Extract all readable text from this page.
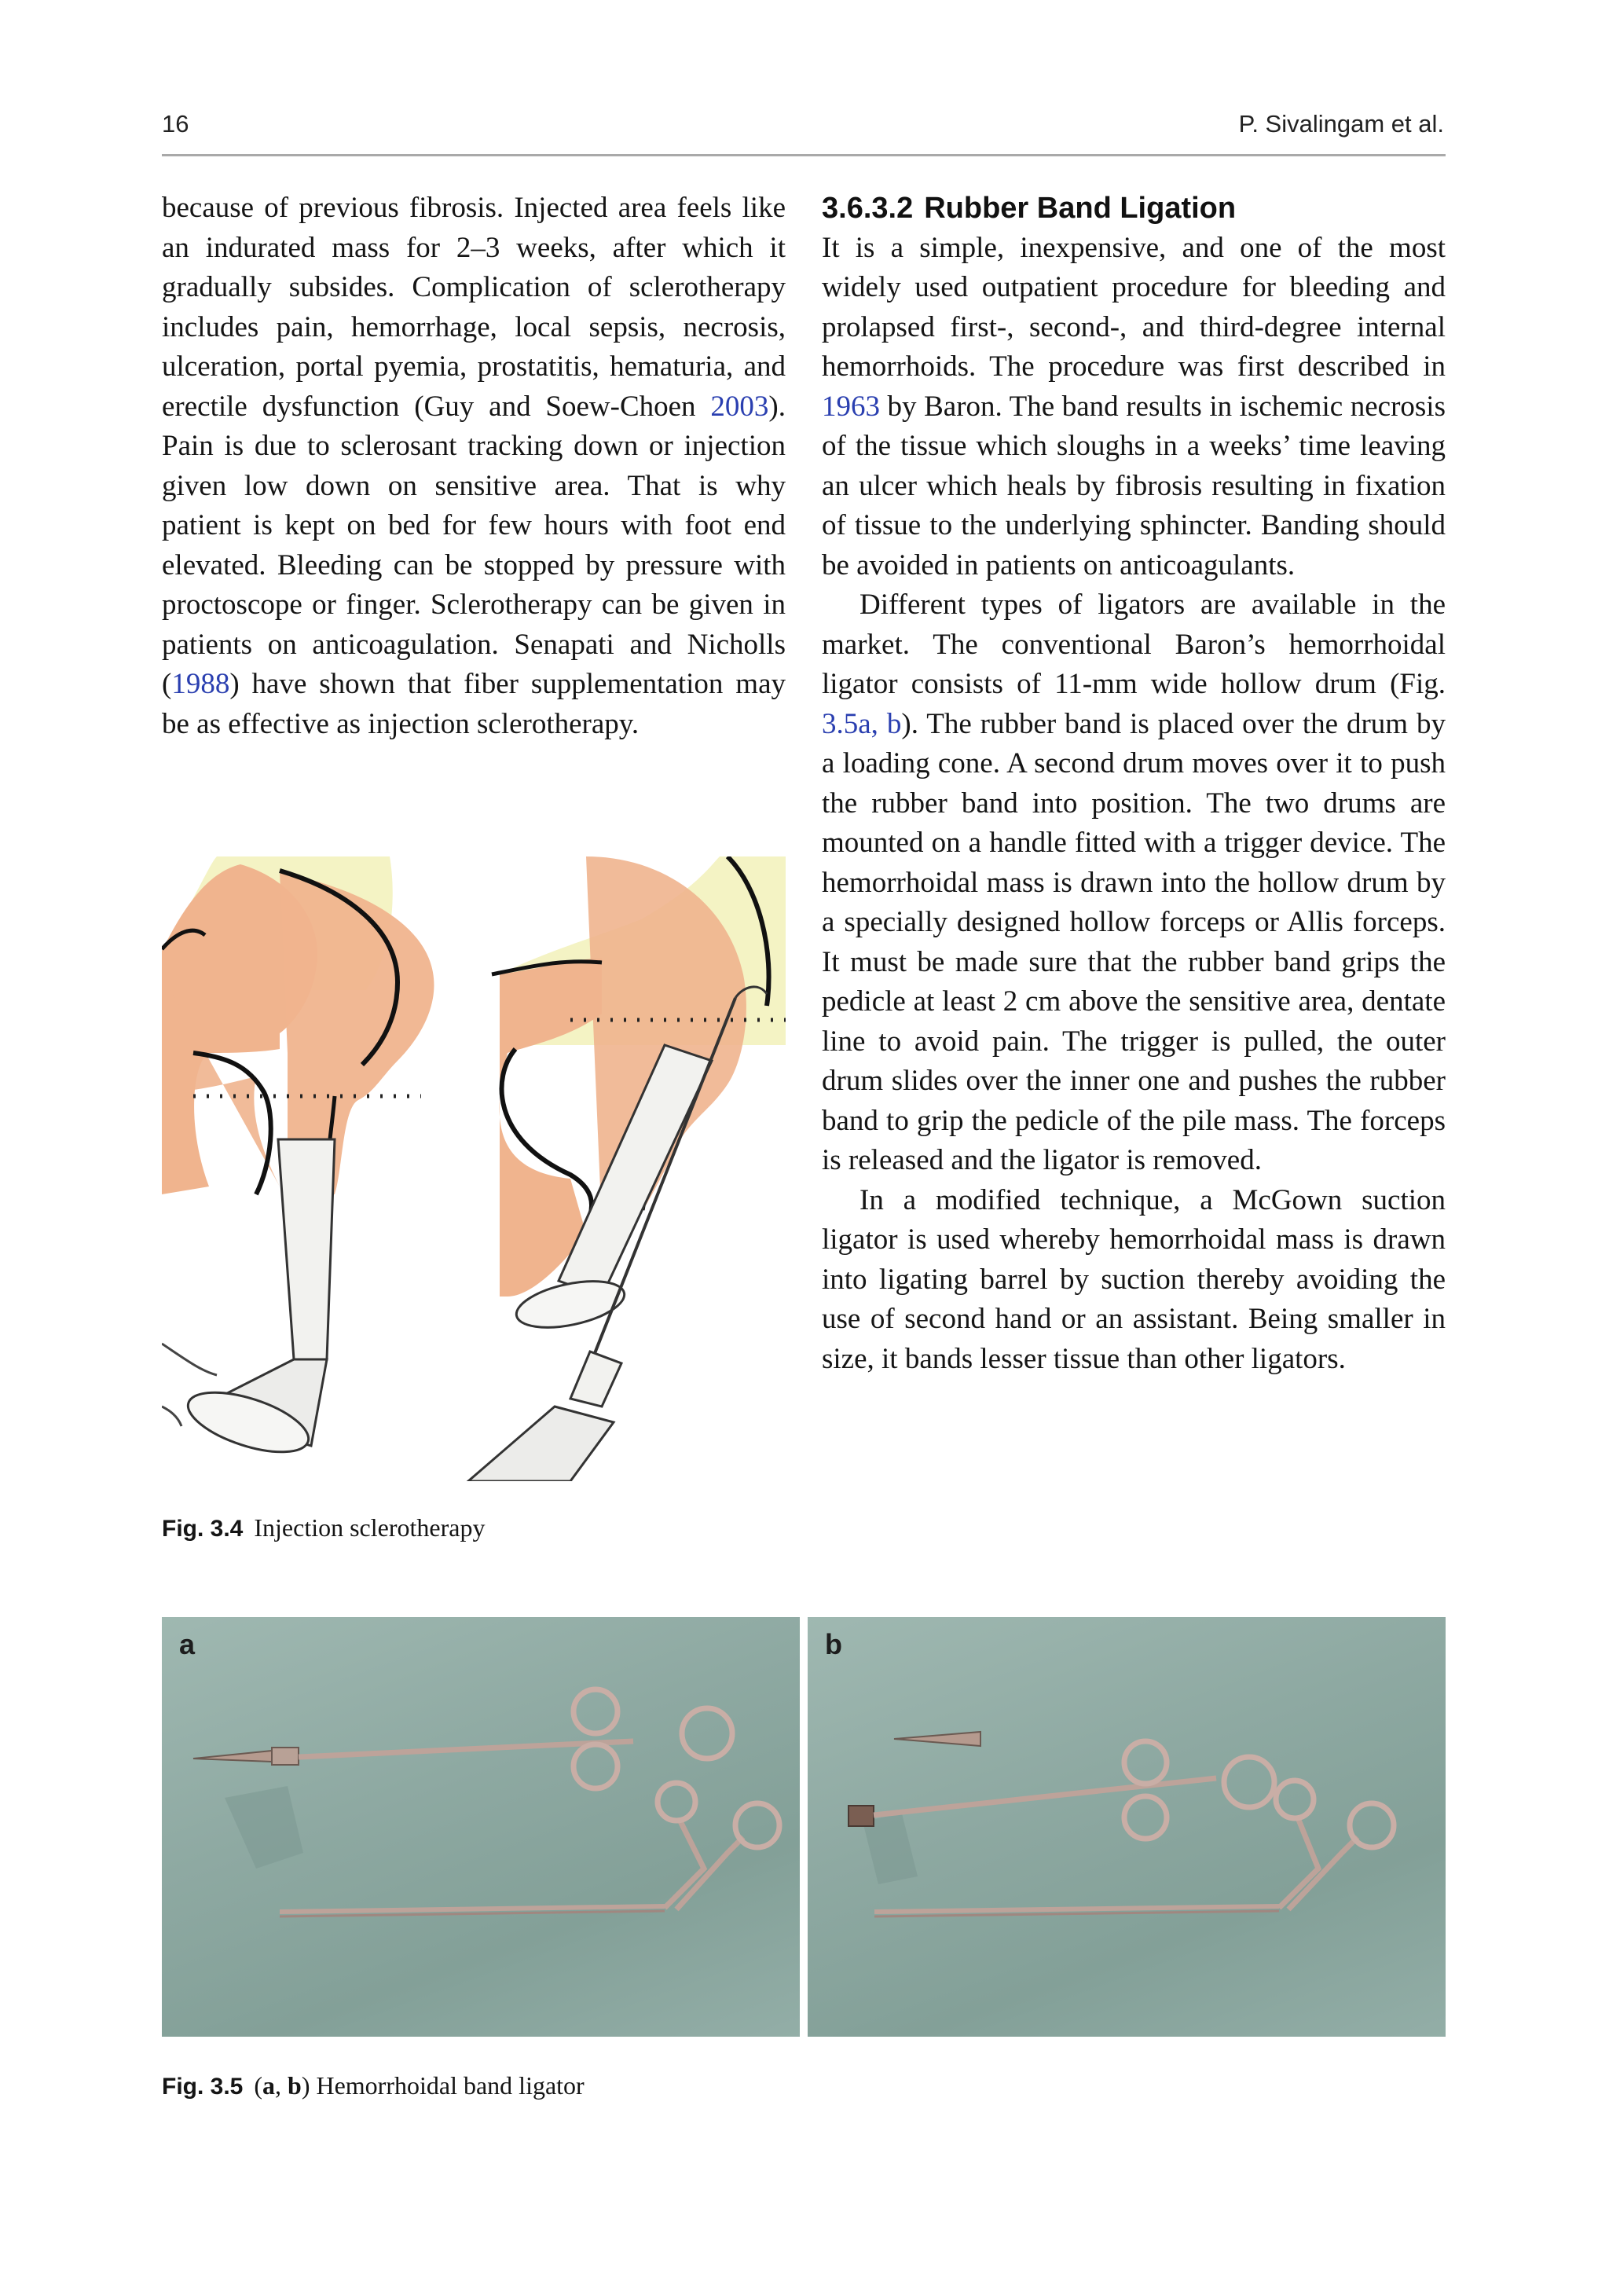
16	P. Sivalingam et al.

because of previous fibrosis. Injected area feels like an indurated mass for 2–3 weeks, after which it gradually subsides. Complication of sclerotherapy includes pain, hemorrhage, local sepsis, necrosis, ulceration, portal pyemia, prostatitis, hematuria, and erectile dysfunction (Guy and Soew-Choen 2003). Pain is due to sclerosant tracking down or injection given low down on sensitive area. That is why patient is kept on bed for few hours with foot end elevated. Bleeding can be stopped by pressure with proctoscope or finger. Sclerotherapy can be given in patients on anticoagulation. Senapati and Nicholls (1988) have shown that fiber supplementation may be as effective as injection sclerotherapy.

Fig. 3.4 Injection sclerotherapy
3.6.3.2 Rubber Band Ligation

It is a simple, inexpensive, and one of the most widely used outpatient procedure for bleeding and prolapsed first-, second-, and third-degree internal hemorrhoids. The procedure was first described in 1963 by Baron. The band results in ischemic necrosis of the tissue which sloughs in a weeks’ time leaving an ulcer which heals by fibrosis resulting in fixation of tissue to the underlying sphincter. Banding should be avoided in patients on anticoagulants.

Different types of ligators are available in the market. The conventional Baron’s hemorrhoidal ligator consists of 11-mm wide hollow drum (Fig. 3.5a, b). The rubber band is placed over the drum by a loading cone. A second drum moves over it to push the rubber band into position. The two drums are mounted on a handle fitted with a trigger device. The hemorrhoidal mass is drawn into the hollow drum by a specially designed hollow forceps or Allis forceps. It must be made sure that the rubber band grips the pedicle at least 2 cm above the sensitive area, dentate line to avoid pain. The trigger is pulled, the outer drum slides over the inner one and pushes the rubber band to grip the pedicle of the pile mass. The forceps is released and the ligator is removed.

In a modified technique, a McGown suction ligator is used whereby hemorrhoidal mass is drawn into ligating barrel by suction thereby avoiding the use of second hand or an assistant. Being smaller in size, it bands lesser tissue than other ligators.

a	b
Fig. 3.5 (a, b) Hemorrhoidal band ligator
